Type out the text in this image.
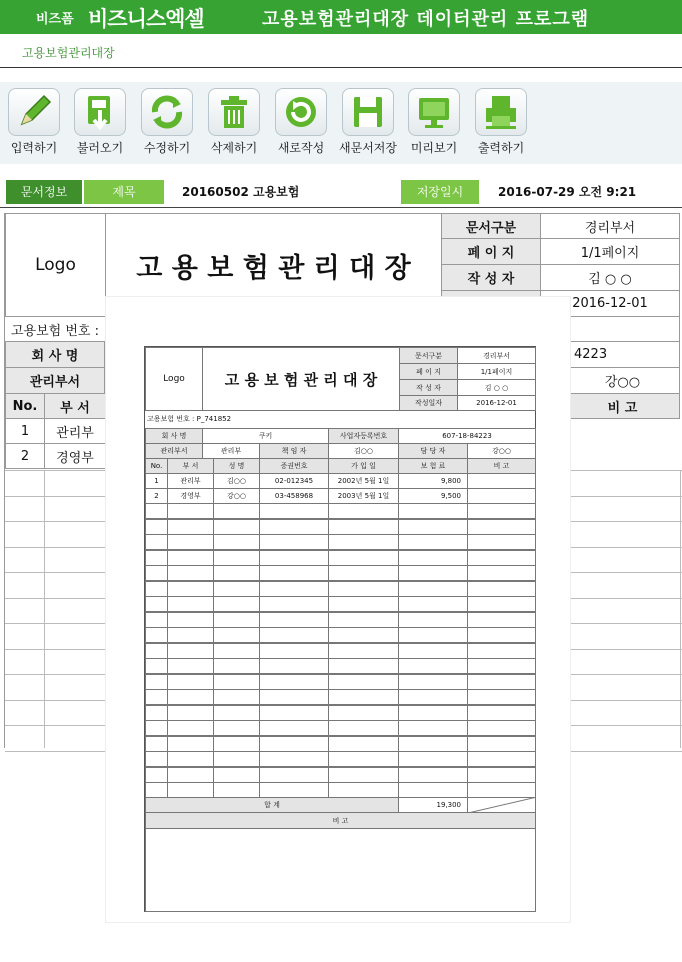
비즈폼 비즈니스엑셀	고용보험관리대장 데이터관리 프로그램
고용보험관리대장
입력하기	불러오기	수정하기	삭제하기	새로작성	새문서저장	미리보기	출력하기
문서정보	제목	20160502 고용보험	저장일시	2016-07-29 오전 9:21
Logo	고 용 보 험 관 리 대 장
문서구분	경리부서
페 이 지	1/1페이지
작 성 자	김 ○ ○
2016-12-01
고용보험 번호 :
회 사 명	4223
관리부서	강○○
No.	부 서	비 고
1	관리부
2	경영부
Logo	고 용 보 험 관 리 대 장
문서구분	경리부서
페 이 지	1/1페이지
작 성 자	김 ○ ○
작성일자	2016-12-01
고용보험 번호 : P_741852
회 사 명	쿠키	사업자등록번호	607-18-84223
관리부서	관리부	책 임 자	김○○	담 당 자	강○○
No.	부 서	성 명	증권번호	가 입 일	보 험 료	비 고
1	관리부	김○○	02-012345	2002년 5월 1일	9,800
2	경영부	강○○	03-458968	2003년 5월 1일	9,500
합 계	19,300
비 고
